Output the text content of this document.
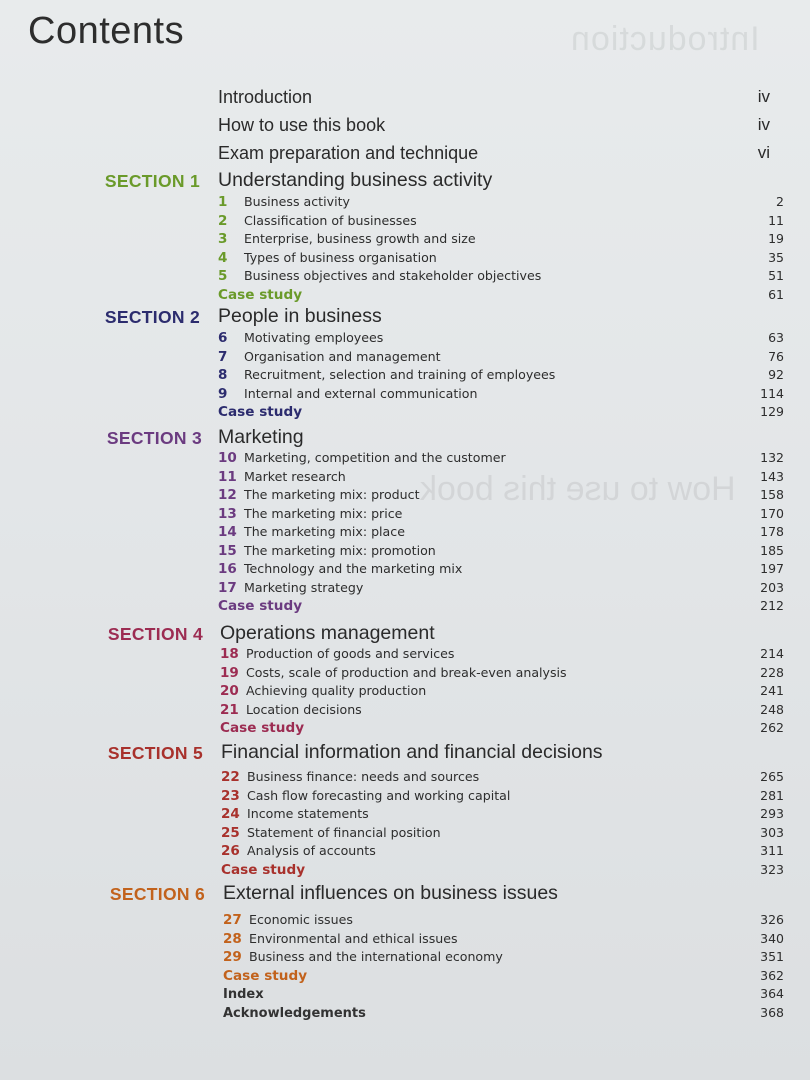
Introduction
How to use this book
Contents
Introduction	iv
How to use this book	iv
Exam preparation and technique	vi
SECTION 1 Understanding business activity
1 Business activity	2
2 Classification of businesses	11
3 Enterprise, business growth and size	19
4 Types of business organisation	35
5 Business objectives and stakeholder objectives	51
Case study	61
SECTION 2 People in business
6 Motivating employees	63
7 Organisation and management	76
8 Recruitment, selection and training of employees	92
9 Internal and external communication	114
Case study	129
SECTION 3 Marketing
10 Marketing, competition and the customer	132
11 Market research	143
12 The marketing mix: product	158
13 The marketing mix: price	170
14 The marketing mix: place	178
15 The marketing mix: promotion	185
16 Technology and the marketing mix	197
17 Marketing strategy	203
Case study	212
SECTION 4 Operations management
18 Production of goods and services	214
19 Costs, scale of production and break-even analysis	228
20 Achieving quality production	241
21 Location decisions	248
Case study	262
SECTION 5 Financial information and financial decisions
22 Business finance: needs and sources	265
23 Cash flow forecasting and working capital	281
24 Income statements	293
25 Statement of financial position	303
26 Analysis of accounts	311
Case study	323
SECTION 6 External influences on business issues
27 Economic issues	326
28 Environmental and ethical issues	340
29 Business and the international economy	351
Case study	362
Index	364
Acknowledgements	368
